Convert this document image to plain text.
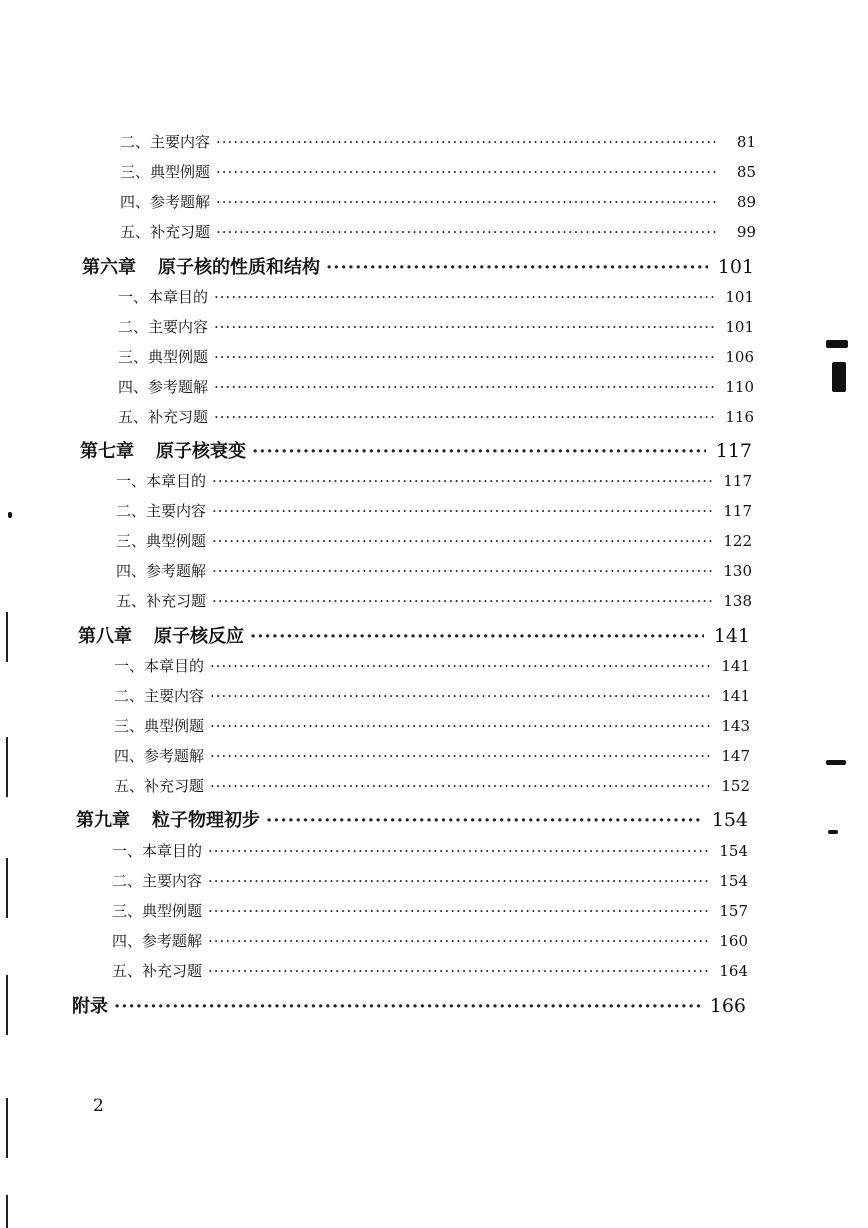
二、主要内容 ·····	81
三、典型例题 ·····	85
四、参考题解 ·····	89
五、补充习题 ·····	99
第六章 原子核的性质和结构 ·····	101
一、本章目的 ·····	101
二、主要内容 ·····	101
三、典型例题 ·····	106
四、参考题解 ·····	110
五、补充习题 ·····	116
第七章 原子核衰变 ·····	117
一、本章目的 ·····	117
二、主要内容 ·····	117
三、典型例题 ·····	122
四、参考题解 ·····	130
五、补充习题 ·····	138
第八章 原子核反应 ·····	141
一、本章目的 ·····	141
二、主要内容 ·····	141
三、典型例题 ·····	143
四、参考题解 ·····	147
五、补充习题 ·····	152
第九章 粒子物理初步 ·····	154
一、本章目的 ·····	154
二、主要内容 ·····	154
三、典型例题 ·····	157
四、参考题解 ·····	160
五、补充习题 ·····	164
附录 ·····	166
2
